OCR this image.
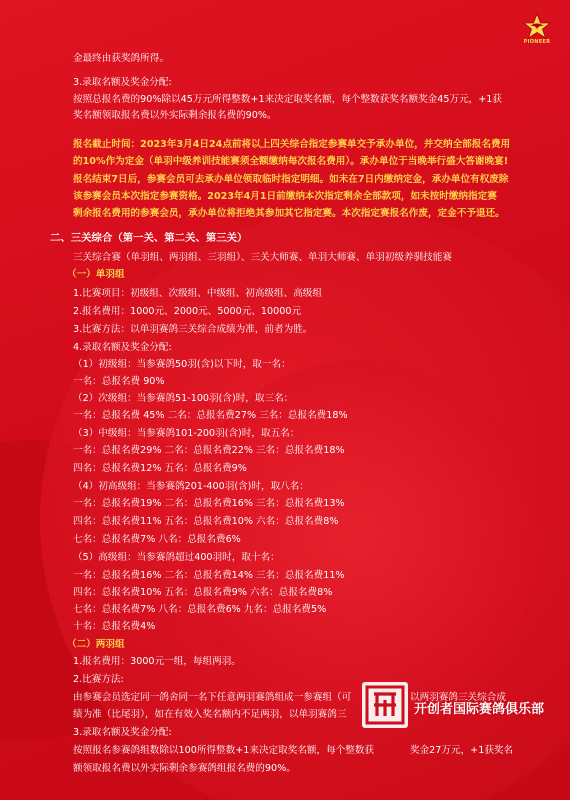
PIONEER
金最终由获奖鸽所得。
3.录取名额及奖金分配:
按照总报名费的90%除以45万元所得整数+1来决定取奖名额，每个整数获奖名额奖金45万元，+1获
奖名额领取报名费以外实际剩余报名费的90%。
报名截止时间：2023年3月4日24点前将以上四关综合指定参赛单交予承办单位，并交纳全部报名费用
的10%作为定金（单羽中级养训技能赛须全额缴纳每次报名费用）。承办单位于当晚举行盛大答谢晚宴!
报名结束7日后，参赛会员可去承办单位领取临时指定明细。如未在7日内缴纳定金，承办单位有权废除
该参赛会员本次指定参赛资格。2023年4月1日前缴纳本次指定剩余全部款项，如未按时缴纳指定赛
剩余报名费用的参赛会员，承办单位将拒绝其参加其它指定赛。本次指定赛报名作废，定金不予退还。
二、三关综合（第一关、第二关、第三关）
三关综合赛（单羽组、两羽组、三羽组）、三关大师赛、单羽大师赛、单羽初级养驯技能赛
（一）单羽组
1.比赛项目：初级组、次级组、中级组、初高级组、高级组
2.报名费用：1000元、2000元、5000元、10000元
3.比赛方法：以单羽赛鸽三关综合成绩为准，前者为胜。
4.录取名额及奖金分配:
（1）初级组：当参赛鸽50羽(含)以下时，取一名：
一名：总报名费 90%
（2）次级组：当参赛鸽51-100羽(含)时，取三名：
一名：总报名费 45% 二名：总报名费27% 三名：总报名费18%
（3）中级组：当参赛鸽101-200羽(含)时，取五名：
一名：总报名费29% 二名：总报名费22% 三名：总报名费18%
四名：总报名费12% 五名：总报名费9%
（4）初高级组：当参赛鸽201-400羽(含)时，取八名：
一名：总报名费19% 二名：总报名费16% 三名：总报名费13%
四名：总报名费11% 五名：总报名费10% 六名：总报名费8%
七名：总报名费7% 八名：总报名费6%
（5）高级组：当参赛鸽超过400羽时，取十名：
一名：总报名费16% 二名：总报名费14% 三名：总报名费11%
四名：总报名费10% 五名：总报名费9% 六名：总报名费8%
七名：总报名费7% 八名：总报名费6% 九名：总报名费5%
十名：总报名费4%
（二）两羽组
1.报名费用：3000元一组，每组两羽。
2.比赛方法:
由参赛会员选定同一鸽舍同一名下任意两羽赛鸽组成一参赛组（可	以两羽赛鸽三关综合成
绩为准（比尾羽），如在有效入奖名额内不足两羽，以单羽赛鸽三
3.录取名额及奖金分配:
按照报名参赛鸽组数除以100所得整数+1来决定取奖名额，每个整数获	奖金27万元，+1获奖名
额领取报名费以外实际剩余参赛鸽组报名费的90%。
开创者国际赛鸽俱乐部
